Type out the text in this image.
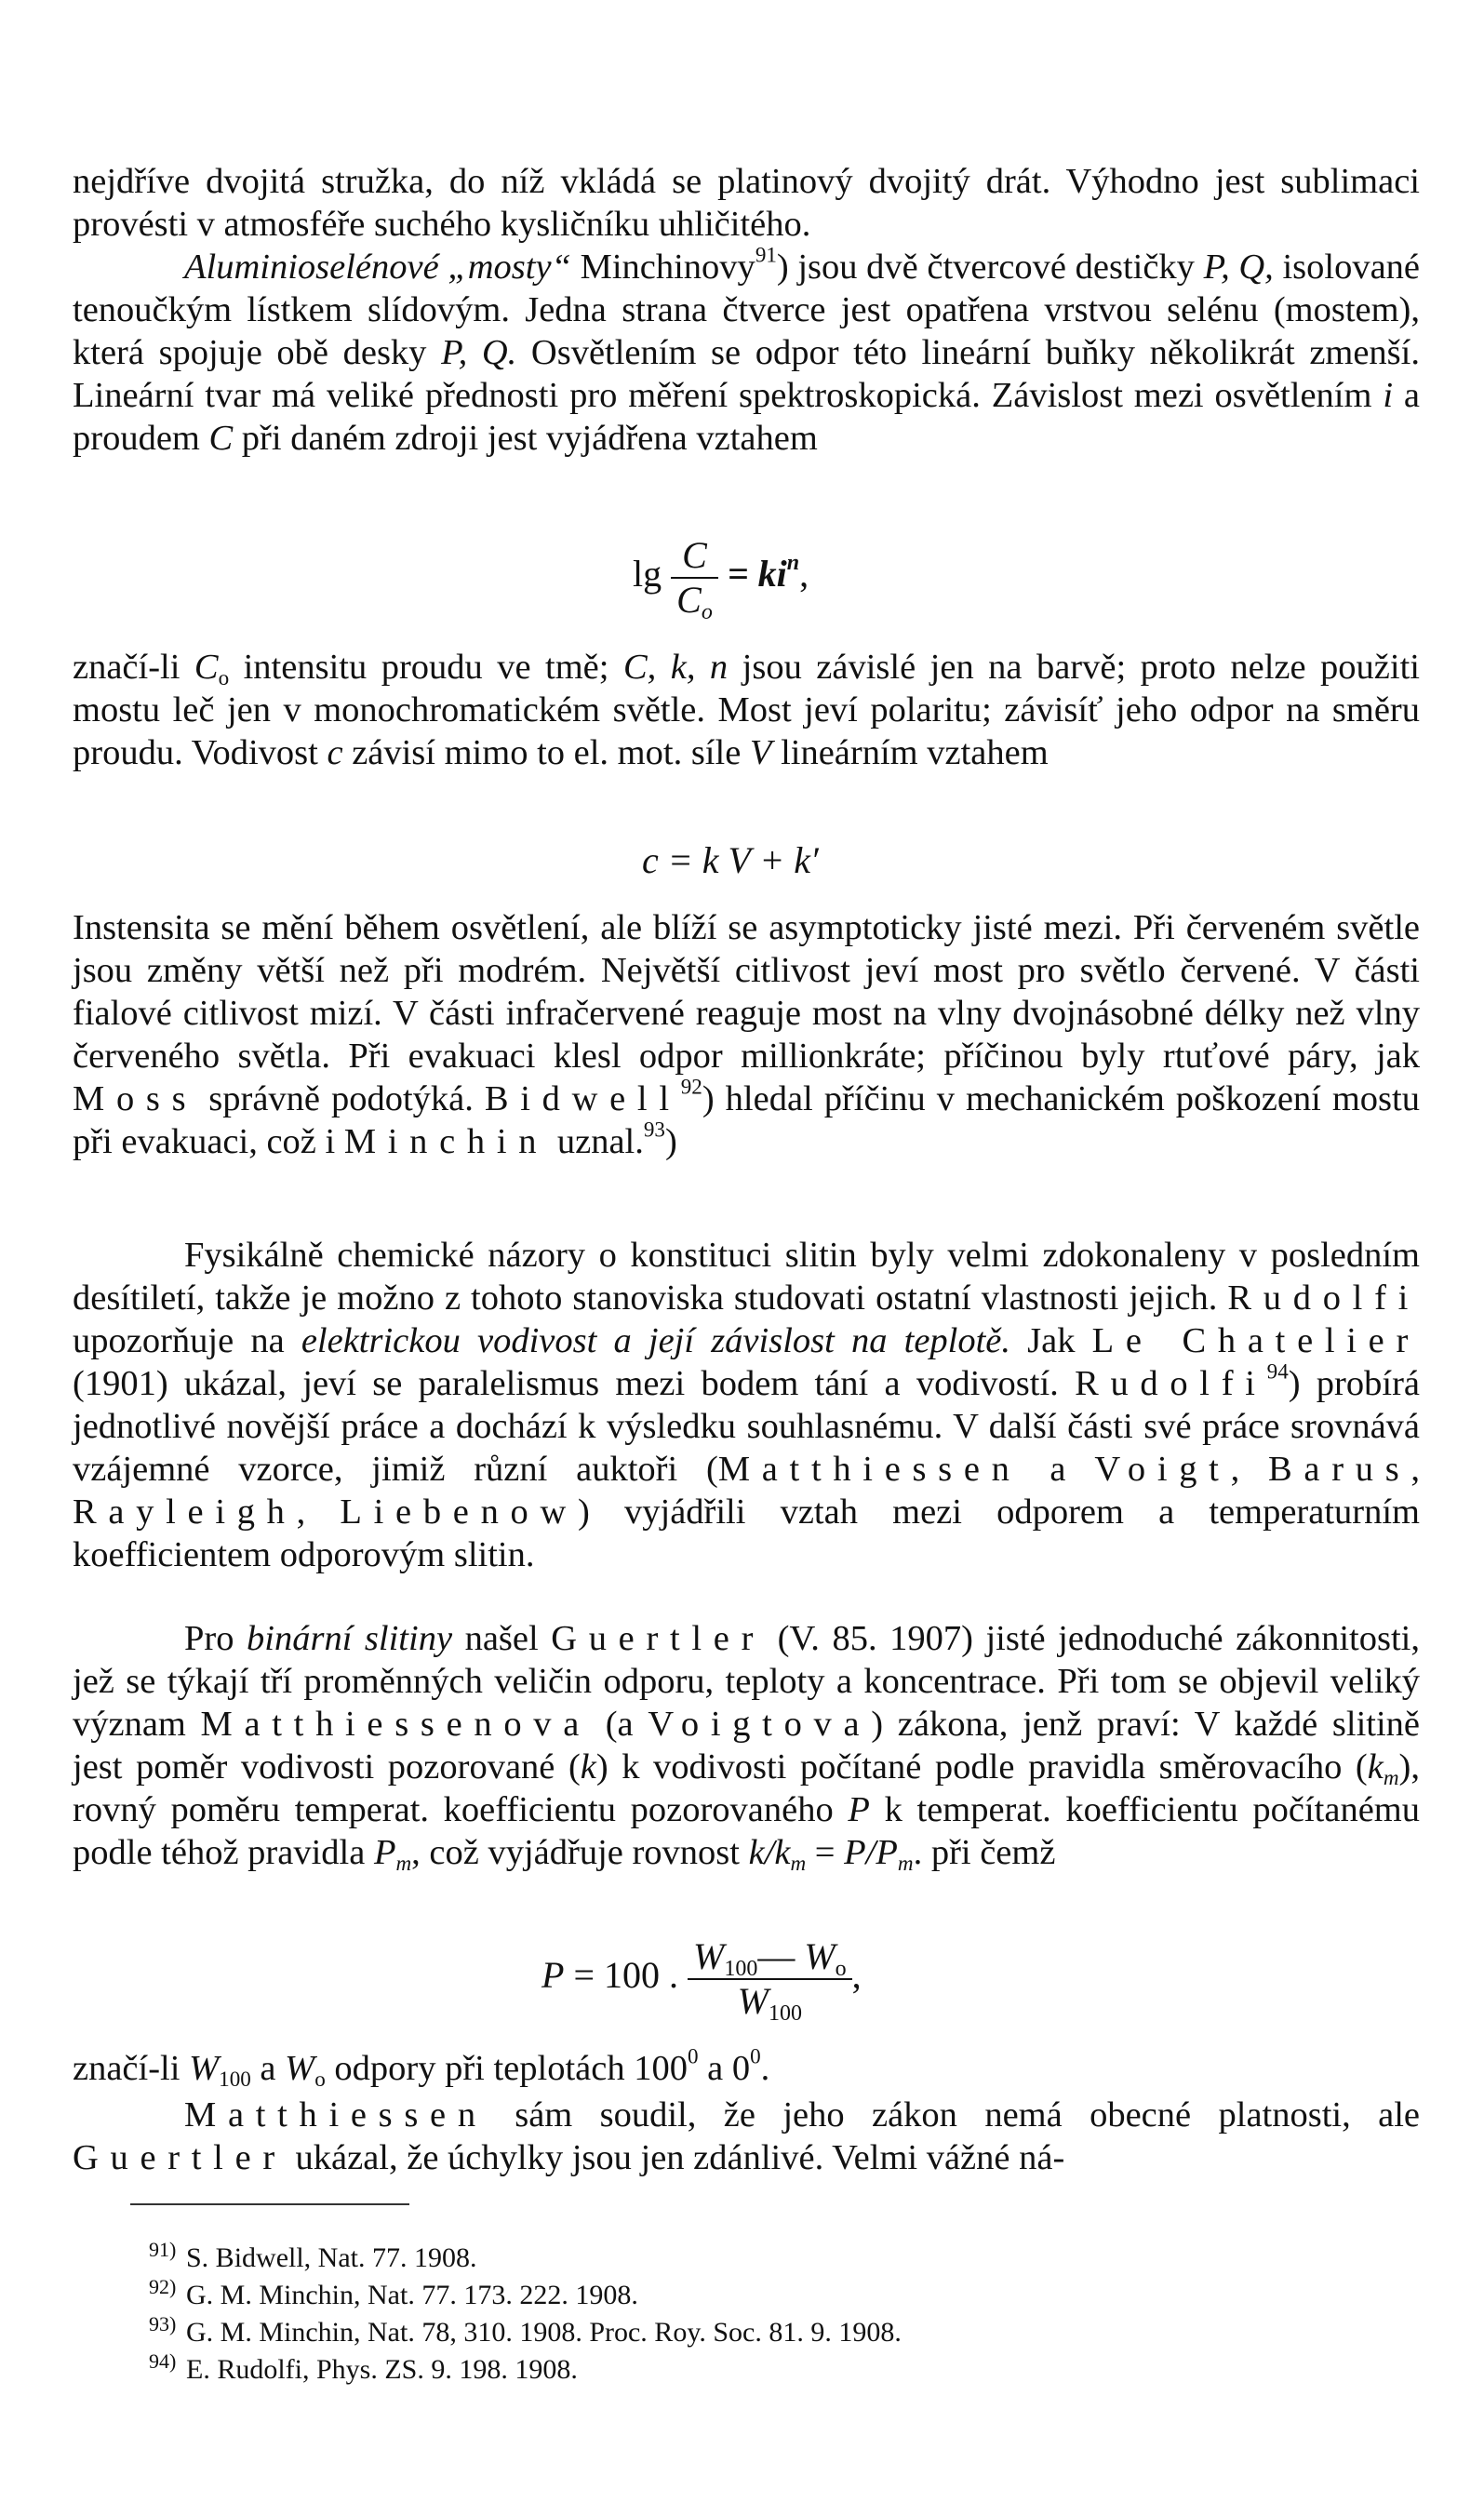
nejdříve dvojitá stružka, do níž vkládá se platinový dvojitý drát. Výhodno jest sublimaci provésti v atmosféře suchého kysličníku uhličitého.
Aluminioselénové „mosty“ Minchinovy$^{91}$) jsou dvě čtvercové destičky P, Q, isolované tenoučkým lístkem slídovým. Jedna strana čtverce jest opatřena vrstvou selénu (mostem), která spojuje obě desky P, Q. Osvětlením se odpor této lineární buňky několikrát zmenší. Lineární tvar má veliké přednosti pro měření spektroskopická. Závislost mezi osvětlením i a proudem C při daném zdroji jest vyjádřena vztahem
$\lg \frac{C}{C_o} = ki^n$,
značí-li $C_o$ intensitu proudu ve tmě; C, k, n jsou závislé jen na barvě; proto nelze použiti mostu leč jen v monochromatickém světle. Most jeví polaritu; závisíť jeho odpor na směru proudu. Vodivost c závisí mimo to el. mot. síle V lineárním vztahem
c = k V + k′
Instensita se mění během osvětlení, ale blíží se asymptoticky jisté mezi. Při červeném světle jsou změny větší než při modrém. Největší citlivost jeví most pro světlo červené. V části fialové citlivost mizí. V části infračervené reaguje most na vlny dvojnásobné délky než vlny červeného světla. Při evakuaci klesl odpor millionkráte; příčinou byly rtuťové páry, jak Moss správně podotýká. Bidwell$^{92}$) hledal příčinu v mechanickém poškození mostu při evakuaci, což i Minchin uznal.$^{93}$)
Fysikálně chemické názory o konstituci slitin byly velmi zdokonaleny v posledním desítiletí, takže je možno z tohoto stanoviska studovati ostatní vlastnosti jejich. Rudolfi upozorňuje na elektrickou vodivost a její závislost na teplotě. Jak Le Chatelier (1901) ukázal, jeví se paralelismus mezi bodem tání a vodivostí. Rudolfi$^{94}$) probírá jednotlivé novější práce a dochází k výsledku souhlasnému. V další části své práce srovnává vzájemné vzorce, jimiž různí auktoři (Matthiessen a Voigt, Barus, Rayleigh, Liebenow) vyjádřili vztah mezi odporem a temperaturním koefficientem odporovým slitin.
Pro binární slitiny našel Guertler (V. 85. 1907) jisté jednoduché zákonnitosti, jež se týkají tří proměnných veličin odporu, teploty a koncentrace. Při tom se objevil veliký význam Matthiessenova (a Voigtova) zákona, jenž praví: V každé slitině jest poměr vodivosti pozorované (k) k vodivosti počítané podle pravidla směrovacího $(k_m)$, rovný poměru temperat. koefficientu pozorovaného P k temperat. koefficientu počítanému podle téhož pravidla $P_m$, což vyjádřuje rovnost $k/k_m = P/P_m$. při čemž
P = 100 . $\frac{W_{100}— W_o}{W_{100}}$ ,
značí-li $W_{100}$ a $W_o$ odpory při teplotách $100^0$ a $0^0$.
Matthiessen sám soudil, že jeho zákon nemá obecné platnosti, ale Guertler ukázal, že úchylky jsou jen zdánlivé. Velmi vážné ná-
91) S. Bidwell, Nat. 77. 1908.
92) G. M. Minchin, Nat. 77. 173. 222. 1908.
93) G. M. Minchin, Nat. 78, 310. 1908. Proc. Roy. Soc. 81. 9. 1908.
94) E. Rudolfi, Phys. ZS. 9. 198. 1908.
